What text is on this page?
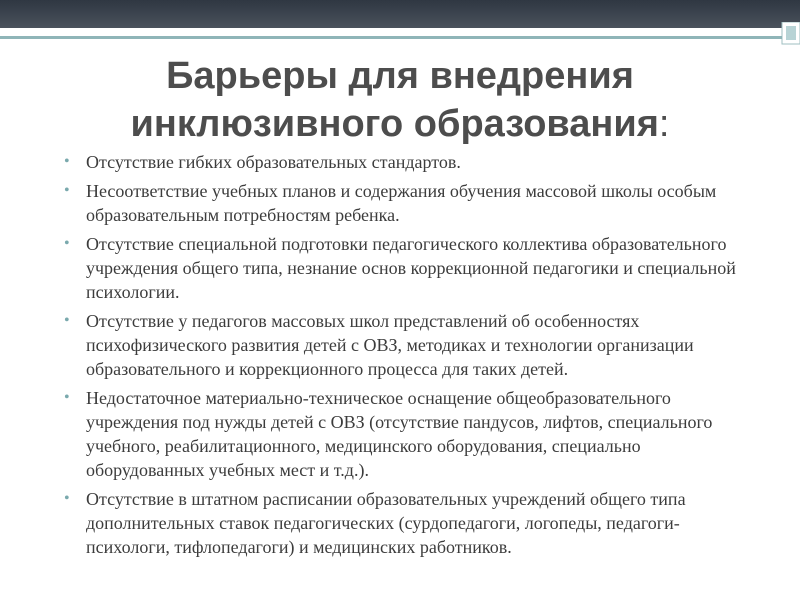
Барьеры для внедрения
инклюзивного образования:
• Отсутствие гибких образовательных стандартов.
• Несоответствие учебных планов и содержания обучения массовой школы особым образовательным потребностям ребенка.
• Отсутствие специальной подготовки педагогического коллектива образовательного учреждения общего типа, незнание основ коррекционной педагогики и специальной психологии.
• Отсутствие у педагогов массовых школ представлений об особенностях психофизического развития детей с ОВЗ, методиках и технологии организации образовательного и коррекционного процесса для таких детей.
• Недостаточное материально-техническое оснащение общеобразовательного учреждения под нужды детей с ОВЗ (отсутствие пандусов, лифтов, специального учебного, реабилитационного, медицинского оборудования, специально оборудованных учебных мест и т.д.).
• Отсутствие в штатном расписании образовательных учреждений общего типа дополнительных ставок педагогических (сурдопедагоги, логопеды, педагоги-психологи, тифлопедагоги) и медицинских работников.
